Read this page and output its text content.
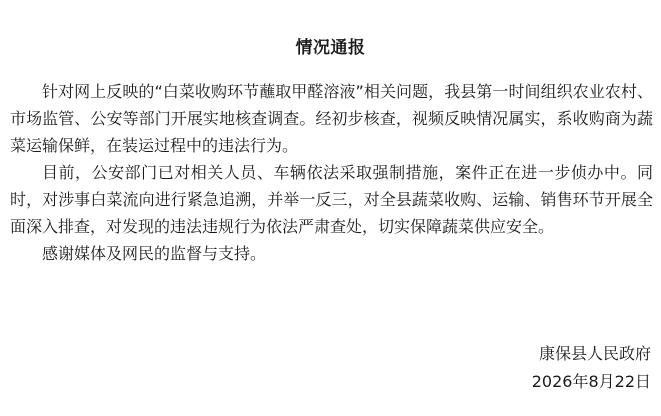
情况通报

针对网上反映的“白菜收购环节蘸取甲醛溶液”相关问题，我县第一时间组织农业农村、市场监管、公安等部门开展实地核查调查。经初步核查，视频反映情况属实，系收购商为蔬菜运输保鲜，在装运过程中的违法行为。

目前，公安部门已对相关人员、车辆依法采取强制措施，案件正在进一步侦办中。同时，对涉事白菜流向进行紧急追溯，并举一反三，对全县蔬菜收购、运输、销售环节开展全面深入排查，对发现的违法违规行为依法严肃查处，切实保障蔬菜供应安全。

感谢媒体及网民的监督与支持。

康保县人民政府
2026年8月22日
